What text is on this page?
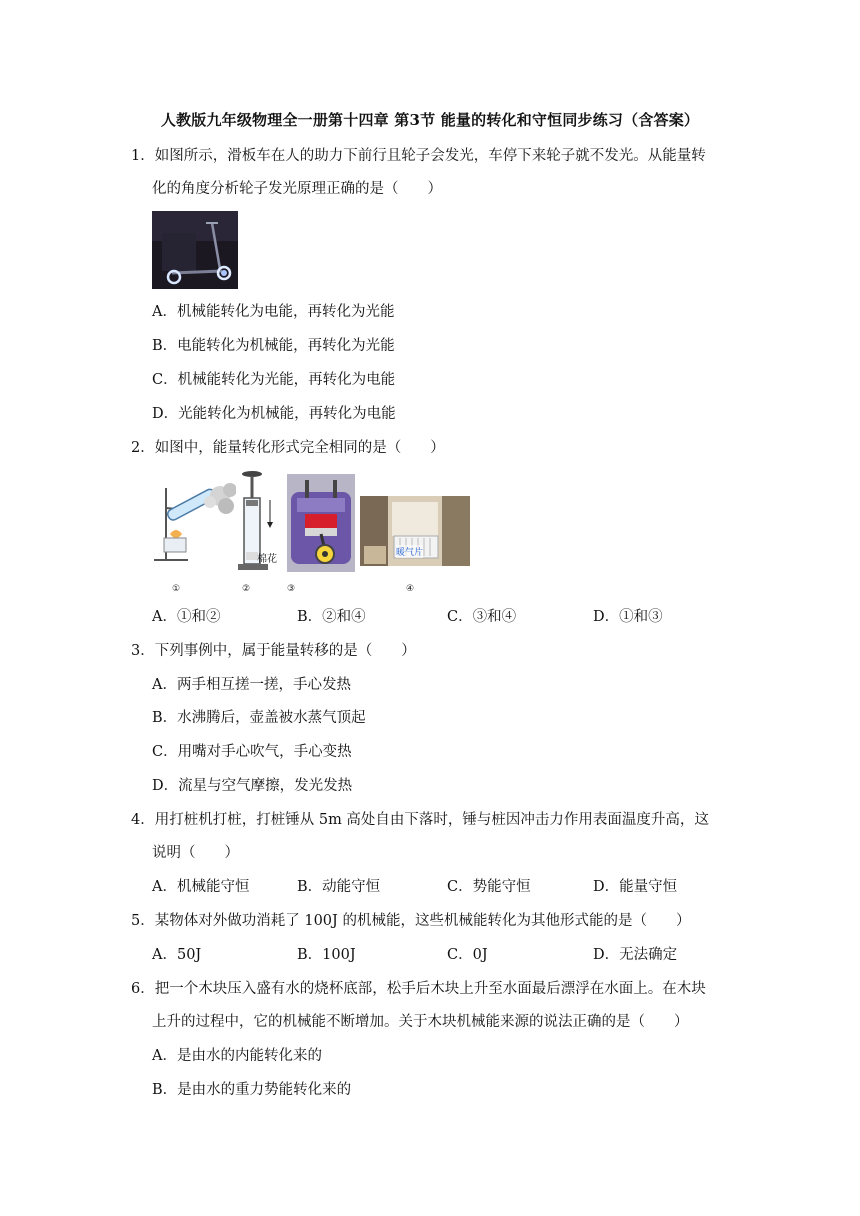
人教版九年级物理全一册第十四章 第3节 能量的转化和守恒同步练习（含答案）
1．如图所示，滑板车在人的助力下前行且轮子会发光，车停下来轮子就不发光。从能量转
化的角度分析轮子发光原理正确的是（　　）
A．机械能转化为电能，再转化为光能
B．电能转化为机械能，再转化为光能
C．机械能转化为光能，再转化为电能
D．光能转化为机械能，再转化为电能
2．如图中，能量转化形式完全相同的是（　　）
①
棉花
②	③
暖气片
④
A．①和②	B．②和④	C．③和④	D．①和③
3．下列事例中，属于能量转移的是（　　）
A．两手相互搓一搓，手心发热
B．水沸腾后，壶盖被水蒸气顶起
C．用嘴对手心吹气，手心变热
D．流星与空气摩擦，发光发热
4．用打桩机打桩，打桩锤从 5m 高处自由下落时，锤与桩因冲击力作用表面温度升高，这
说明（　　）
A．机械能守恒	B．动能守恒	C．势能守恒	D．能量守恒
5．某物体对外做功消耗了 100J 的机械能，这些机械能转化为其他形式能的是（　　）
A．50J	B．100J	C．0J	D．无法确定
6．把一个木块压入盛有水的烧杯底部，松手后木块上升至水面最后漂浮在水面上。在木块
上升的过程中，它的机械能不断增加。关于木块机械能来源的说法正确的是（　　）
A．是由水的内能转化来的
B．是由水的重力势能转化来的
